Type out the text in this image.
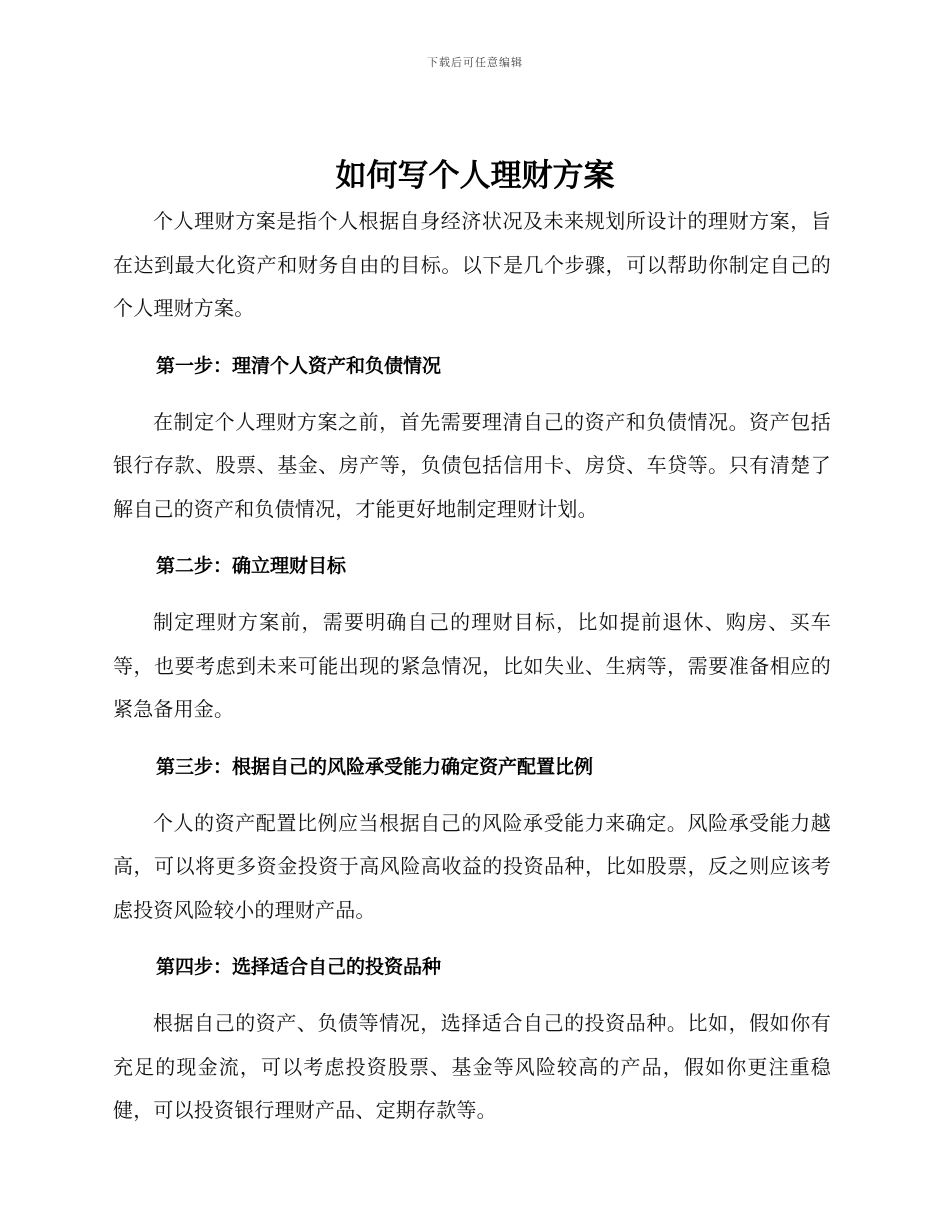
下载后可任意编辑
如何写个人理财方案

个人理财方案是指个人根据自身经济状况及未来规划所设计的理财方案，旨在达到最大化资产和财务自由的目标。以下是几个步骤，可以帮助你制定自己的个人理财方案。

第一步：理清个人资产和负债情况

在制定个人理财方案之前，首先需要理清自己的资产和负债情况。资产包括银行存款、股票、基金、房产等，负债包括信用卡、房贷、车贷等。只有清楚了解自己的资产和负债情况，才能更好地制定理财计划。

第二步：确立理财目标

制定理财方案前，需要明确自己的理财目标，比如提前退休、购房、买车等，也要考虑到未来可能出现的紧急情况，比如失业、生病等，需要准备相应的紧急备用金。

第三步：根据自己的风险承受能力确定资产配置比例

个人的资产配置比例应当根据自己的风险承受能力来确定。风险承受能力越高，可以将更多资金投资于高风险高收益的投资品种，比如股票，反之则应该考虑投资风险较小的理财产品。

第四步：选择适合自己的投资品种

根据自己的资产、负债等情况，选择适合自己的投资品种。比如，假如你有充足的现金流，可以考虑投资股票、基金等风险较高的产品，假如你更注重稳健，可以投资银行理财产品、定期存款等。
